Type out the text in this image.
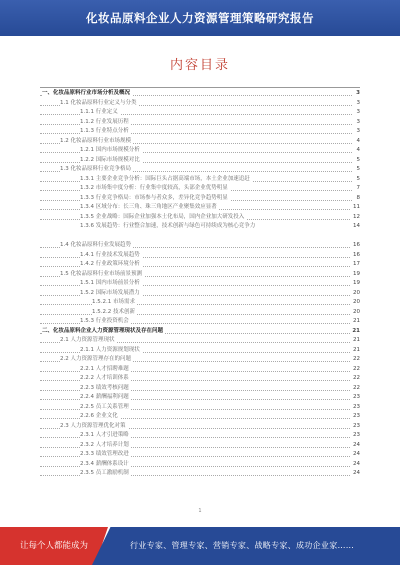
化妆品原料企业人力资源管理策略研究报告
内容目录
一、化妆品原料行业市场分析及概况	3
1.1 化妆品原料行业定义与分类	3
1.1.1 行业定义	3
1.1.2 行业发展历程	3
1.1.3 行业特点分析	3
1.2 化妆品原料行业市场规模	4
1.2.1 国内市场规模分析	4
1.2.2 国际市场规模对比	5
1.3 化妆品原料行业竞争格局	5
1.3.1 主要企业竞争分析：国际巨头占据高端市场，本土企业加速追赶	5
1.3.2 市场集中度分析：行业集中度较高，头部企业优势明显	7
1.3.3 行业竞争格局：市场参与者众多，差异化竞争趋势明显	8
1.3.4 区域分布：长三角、珠三角地区产业聚集效应显著	11
1.3.5 企业战略：国际企业加强本土化布局，国内企业加大研发投入	12
1.3.6 发展趋势：行业整合加速，技术创新与绿色可持续成为核心竞争力	14
1.4 化妆品原料行业发展趋势	16
1.4.1 行业技术发展趋势	16
1.4.2 行业政策环境分析	17
1.5 化妆品原料行业市场前景预测	19
1.5.1 国内市场前景分析	19
1.5.2 国际市场发展潜力	20
1.5.2.1 市场需求	20
1.5.2.2 技术创新	20
1.5.3 行业投资机会	21
二、化妆品原料企业人力资源管理现状及存在问题	21
2.1 人力资源管理现状	21
2.1.1 人力资源规划现状	21
2.2 人力资源管理存在的问题	22
2.2.1 人才招聘难题	22
2.2.2 人才培训体系	22
2.2.3 绩效考核问题	22
2.2.4 薪酬福利问题	23
2.2.5 员工关系管理	23
2.2.6 企业文化	23
2.3 人力资源管理优化对策	23
2.3.1 人才引进策略	23
2.3.2 人才培养计划	24
2.3.3 绩效管理改进	24
2.3.4 薪酬体系设计	24
2.3.5 员工激励机制	24
1
让每个人都能成为	行业专家、管理专家、营销专家、战略专家、成功企业家……
